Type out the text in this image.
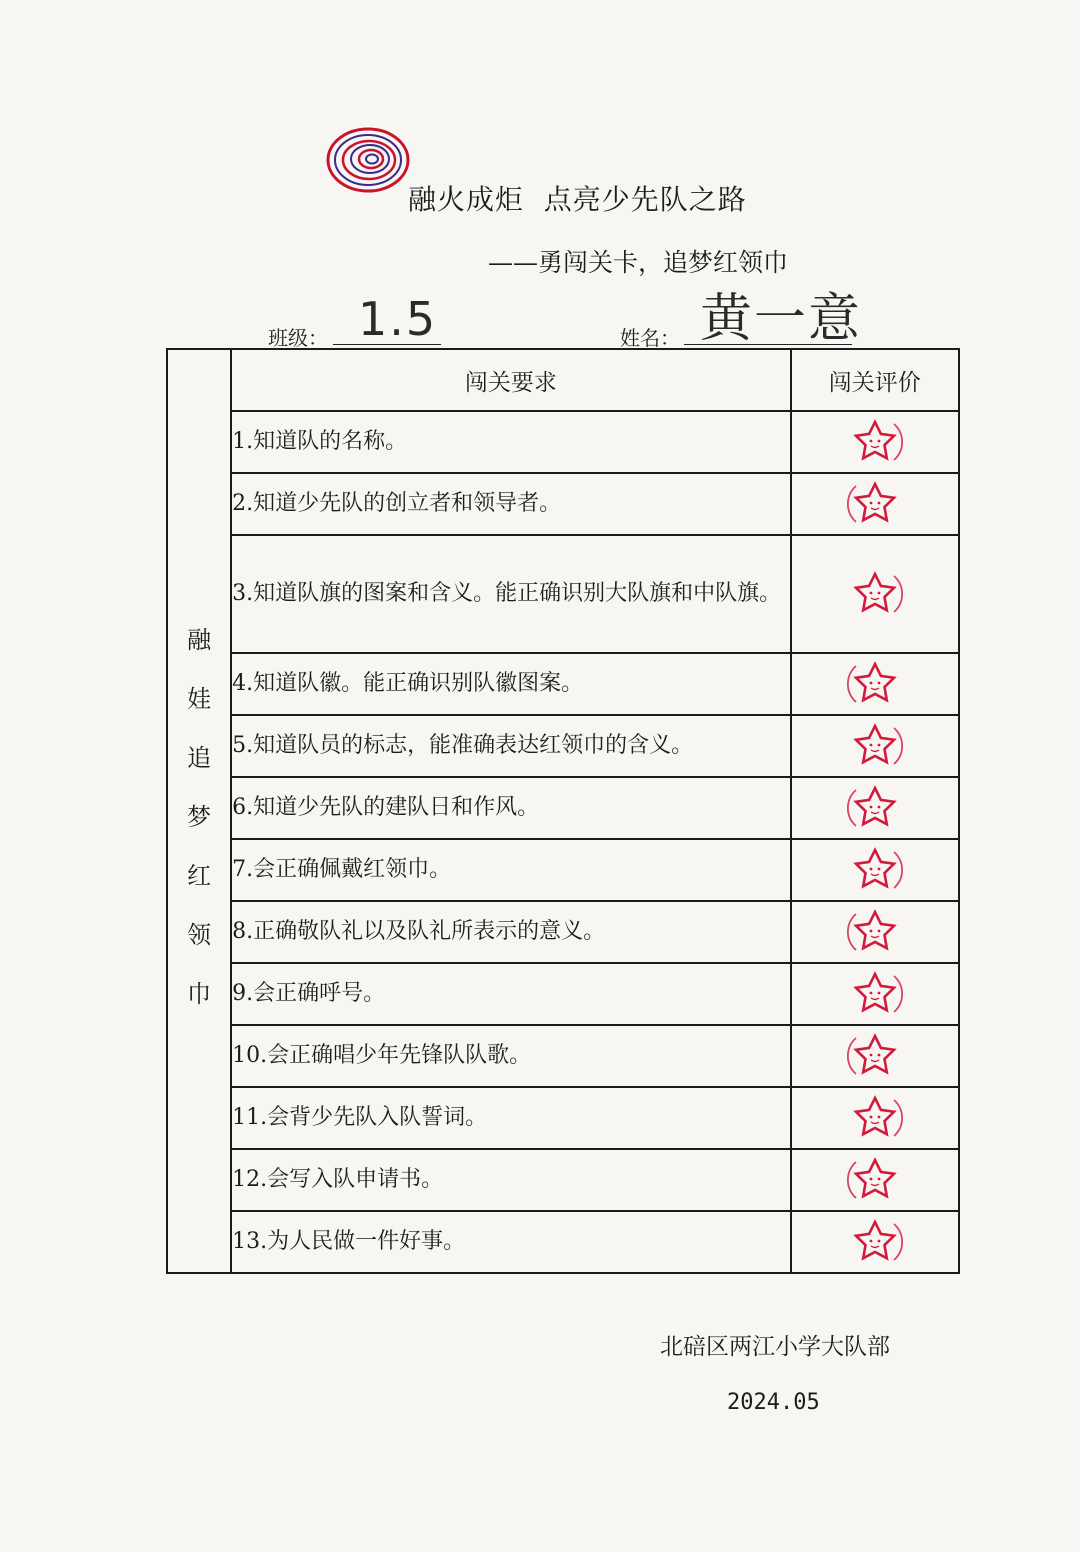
融火成炬  点亮少先队之路
——勇闯关卡，追梦红领巾
班级： 1.5	姓名： 黄一意
融娃追梦红领巾	闯关要求	闯关评价
	1.知道队的名称。	
	2.知道少先队的创立者和领导者。	
	3.知道队旗的图案和含义。能正确识别大队旗和中队旗。	
	4.知道队徽。能正确识别队徽图案。	
	5.知道队员的标志，能准确表达红领巾的含义。	
	6.知道少先队的建队日和作风。	
	7.会正确佩戴红领巾。	
	8.正确敬队礼以及队礼所表示的意义。	
	9.会正确呼号。	
	10.会正确唱少年先锋队队歌。	
	11.会背少先队入队誓词。	
	12.会写入队申请书。	
	13.为人民做一件好事。	
北碚区两江小学大队部
2024.05
